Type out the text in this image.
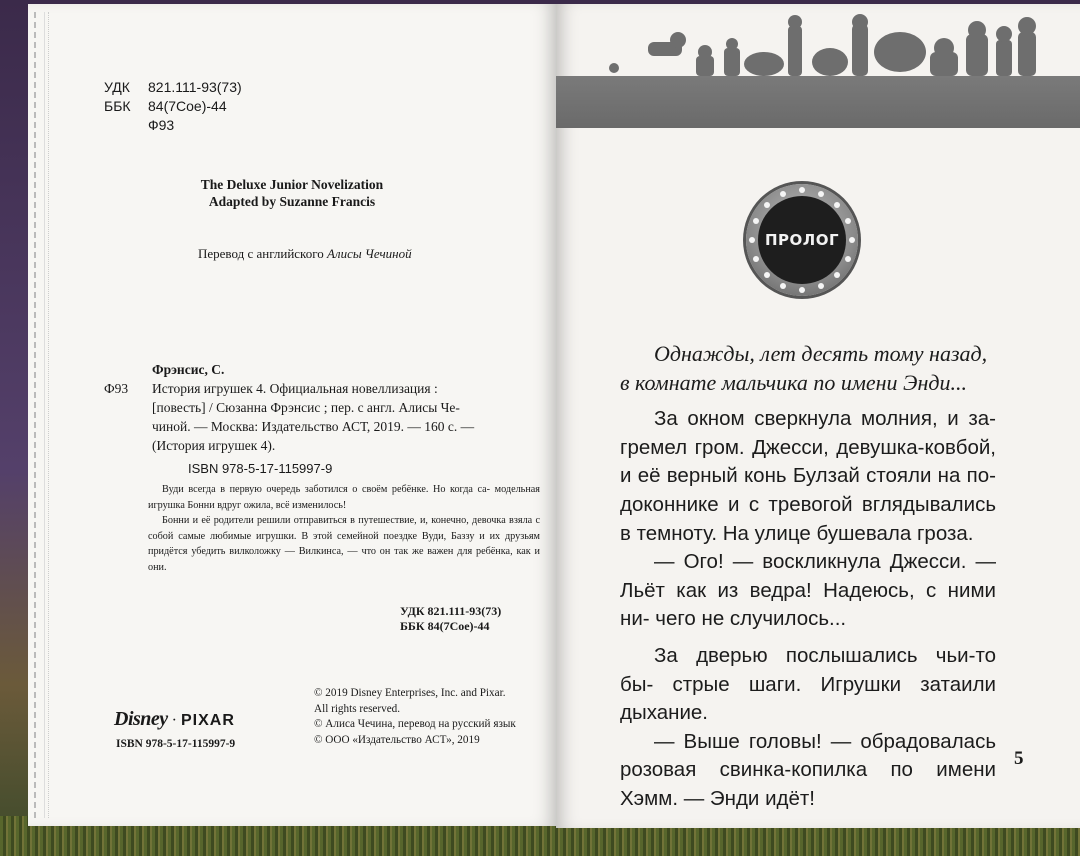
УДК	821.111-93(73)
ББК	84(7Сое)-44
Ф93
The Deluxe Junior Novelization
Adapted by Suzanne Francis
Перевод с английского Алисы Чечиной
Фрэнсис, С.
Ф93	История игрушек 4. Официальная новеллизация :
[повесть] / Сюзанна Фрэнсис ; пер. с англ. Алисы Че-
чиной. — Москва: Издательство АСТ, 2019. — 160 с. —
(История игрушек 4).
ISBN 978-5-17-115997-9

Вуди всегда в первую очередь заботился о своём ребёнке. Но когда са- модельная игрушка Бонни вдруг ожила, всё изменилось!

Бонни и её родители решили отправиться в путешествие, и, конечно, девочка взяла с собой самые любимые игрушки. В этой семейной поездке Вуди, Баззу и их друзьям придётся убедить вилколожку — Вилкинса, — что он так же важен для ребёнка, как и они.

УДК 821.111-93(73)
ББК 84(7Сое)-44
Disney · PIXAR
ISBN 978-5-17-115997-9
© 2019 Disney Enterprises, Inc. and Pixar.
All rights reserved.
© Алиса Чечина, перевод на русский язык
© ООО «Издательство АСТ», 2019
ПРОЛОГ

Однажды, лет десять тому назад,
в комнате мальчика по имени Энди...

За окном сверкнула молния, и за- гремел гром. Джесси, девушка-ковбой, и её верный конь Булзай стояли на по- доконнике и с тревогой вглядывались в темноту. На улице бушевала гроза.

— Ого! — воскликнула Джесси. — Льёт как из ведра! Надеюсь, с ними ни- чего не случилось...

За дверью послышались чьи-то бы- стрые шаги. Игрушки затаили дыхание.

— Выше головы! — обрадовалась розовая свинка-копилка по имени Хэмм. — Энди идёт!

5
